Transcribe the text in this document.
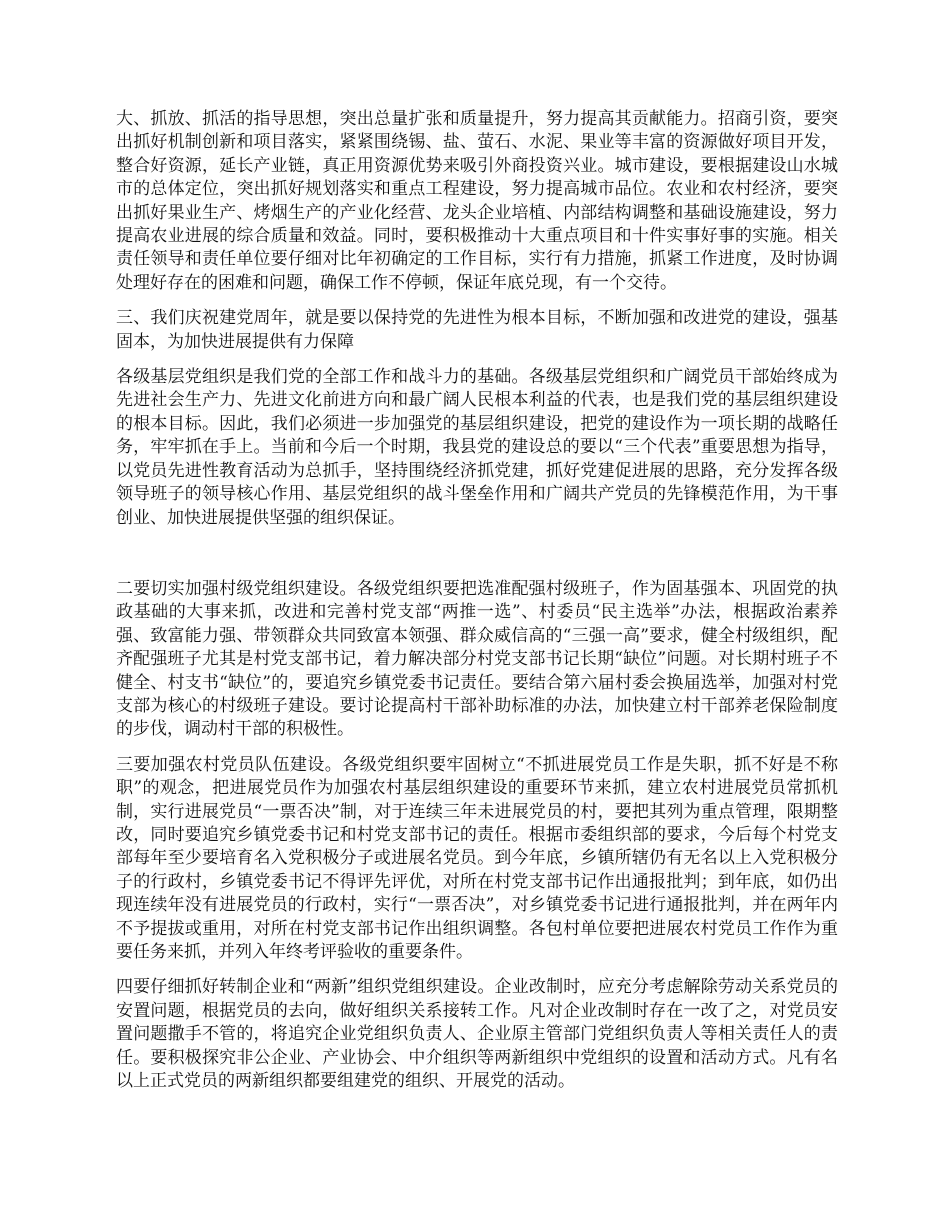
大、抓放、抓活的指导思想，突出总量扩张和质量提升，努力提高其贡献能力。招商引资，要突出抓好机制创新和项目落实，紧紧围绕锡、盐、萤石、水泥、果业等丰富的资源做好项目开发，整合好资源，延长产业链，真正用资源优势来吸引外商投资兴业。城市建设，要根据建设山水城市的总体定位，突出抓好规划落实和重点工程建设，努力提高城市品位。农业和农村经济，要突出抓好果业生产、烤烟生产的产业化经营、龙头企业培植、内部结构调整和基础设施建设，努力提高农业进展的综合质量和效益。同时，要积极推动十大重点项目和十件实事好事的实施。相关责任领导和责任单位要仔细对比年初确定的工作目标，实行有力措施，抓紧工作进度，及时协调处理好存在的困难和问题，确保工作不停顿，保证年底兑现，有一个交待。

三、我们庆祝建党周年，就是要以保持党的先进性为根本目标，不断加强和改进党的建设，强基固本，为加快进展提供有力保障

各级基层党组织是我们党的全部工作和战斗力的基础。各级基层党组织和广阔党员干部始终成为先进社会生产力、先进文化前进方向和最广阔人民根本利益的代表，也是我们党的基层组织建设的根本目标。因此，我们必须进一步加强党的基层组织建设，把党的建设作为一项长期的战略任务，牢牢抓在手上。当前和今后一个时期，我县党的建设总的要以“三个代表”重要思想为指导，以党员先进性教育活动为总抓手，坚持围绕经济抓党建，抓好党建促进展的思路，充分发挥各级领导班子的领导核心作用、基层党组织的战斗堡垒作用和广阔共产党员的先锋模范作用，为干事创业、加快进展提供坚强的组织保证。

二要切实加强村级党组织建设。各级党组织要把选准配强村级班子，作为固基强本、巩固党的执政基础的大事来抓，改进和完善村党支部“两推一选”、村委员“民主选举”办法，根据政治素养强、致富能力强、带领群众共同致富本领强、群众威信高的“三强一高”要求，健全村级组织，配齐配强班子尤其是村党支部书记，着力解决部分村党支部书记长期“缺位”问题。对长期村班子不健全、村支书“缺位”的，要追究乡镇党委书记责任。要结合第六届村委会换届选举，加强对村党支部为核心的村级班子建设。要讨论提高村干部补助标准的办法，加快建立村干部养老保险制度的步伐，调动村干部的积极性。

三要加强农村党员队伍建设。各级党组织要牢固树立“不抓进展党员工作是失职，抓不好是不称职”的观念，把进展党员作为加强农村基层组织建设的重要环节来抓，建立农村进展党员常抓机制，实行进展党员“一票否决”制，对于连续三年未进展党员的村，要把其列为重点管理，限期整改，同时要追究乡镇党委书记和村党支部书记的责任。根据市委组织部的要求，今后每个村党支部每年至少要培育名入党积极分子或进展名党员。到今年底，乡镇所辖仍有无名以上入党积极分子的行政村，乡镇党委书记不得评先评优，对所在村党支部书记作出通报批判；到年底，如仍出现连续年没有进展党员的行政村，实行“一票否决”，对乡镇党委书记进行通报批判，并在两年内不予提拔或重用，对所在村党支部书记作出组织调整。各包村单位要把进展农村党员工作作为重要任务来抓，并列入年终考评验收的重要条件。

四要仔细抓好转制企业和“两新”组织党组织建设。企业改制时，应充分考虑解除劳动关系党员的安置问题，根据党员的去向，做好组织关系接转工作。凡对企业改制时存在一改了之，对党员安置问题撒手不管的，将追究企业党组织负责人、企业原主管部门党组织负责人等相关责任人的责任。要积极探究非公企业、产业协会、中介组织等两新组织中党组织的设置和活动方式。凡有名以上正式党员的两新组织都要组建党的组织、开展党的活动。
